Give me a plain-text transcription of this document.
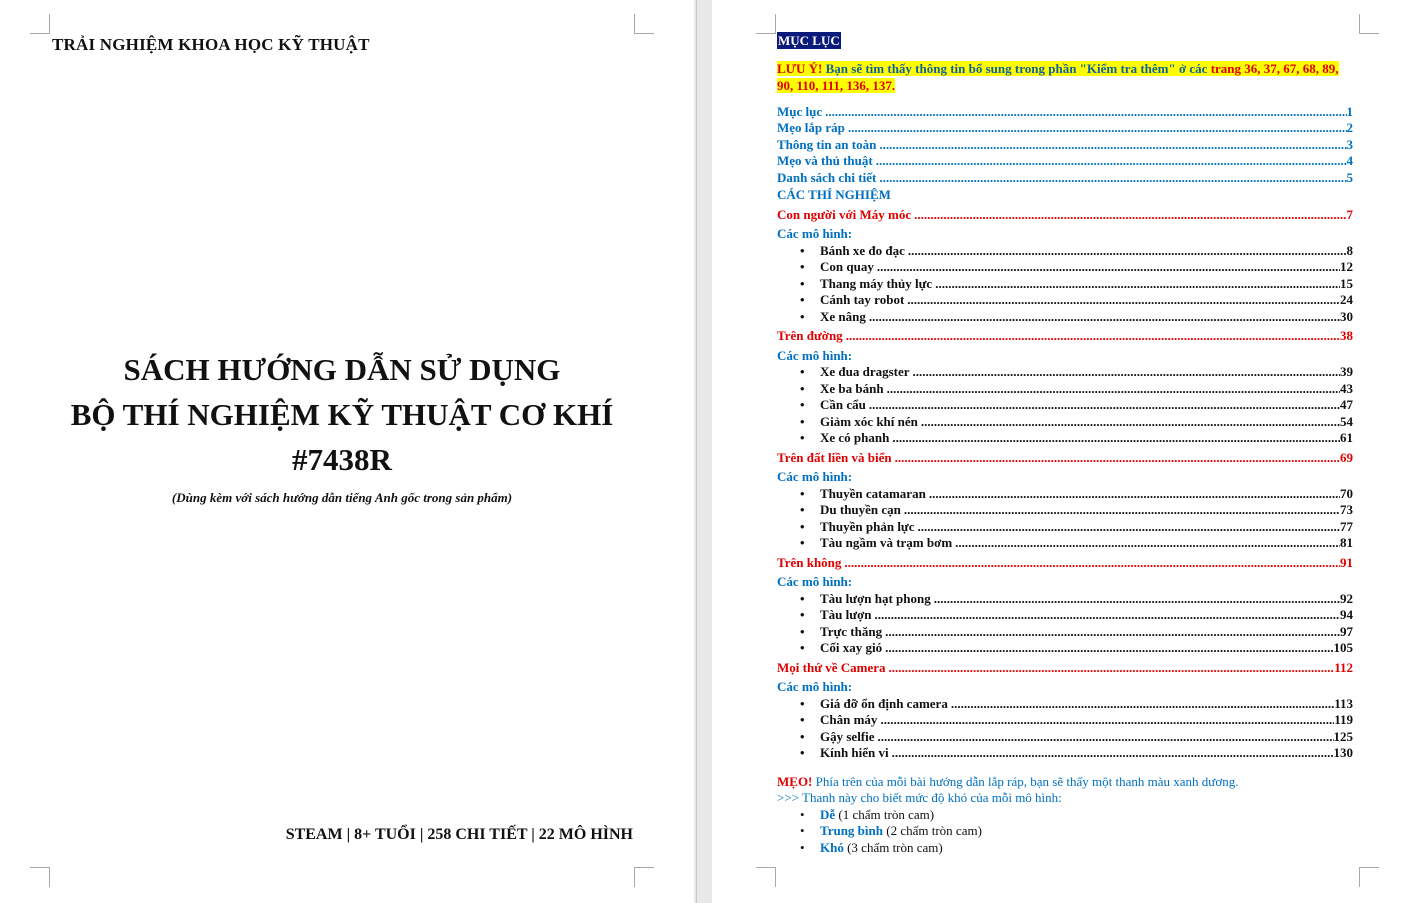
TRẢI NGHIỆM KHOA HỌC KỸ THUẬT
SÁCH HƯỚNG DẪN SỬ DỤNG
BỘ THÍ NGHIỆM KỸ THUẬT CƠ KHÍ
#7438R
(Dùng kèm với sách hướng dẫn tiếng Anh gốc trong sản phẩm)
STEAM | 8+ TUỔI | 258 CHI TIẾT | 22 MÔ HÌNH
MỤC LỤC
LƯU Ý! Bạn sẽ tìm thấy thông tin bổ sung trong phần "Kiểm tra thêm" ở các trang 36, 37, 67, 68, 89, 90, 110, 111, 136, 137.
Mục lục .....	1
Mẹo lắp ráp .....	2
Thông tin an toàn .....	3
Mẹo và thủ thuật .....	4
Danh sách chi tiết .....	5
CÁC THÍ NGHIỆM
Con người với Máy móc .....	7
Các mô hình:
• Bánh xe đo đạc .....	8
• Con quay .....	12
• Thang máy thủy lực .....	15
• Cánh tay robot .....	24
• Xe nâng .....	30
Trên đường .....	38
Các mô hình:
• Xe đua dragster .....	39
• Xe ba bánh .....	43
• Cần cẩu .....	47
• Giảm xóc khí nén .....	54
• Xe có phanh .....	61
Trên đất liền và biển .....	69
Các mô hình:
• Thuyền catamaran .....	70
• Du thuyền cạn .....	73
• Thuyền phản lực .....	77
• Tàu ngầm và trạm bơm .....	81
Trên không .....	91
Các mô hình:
• Tàu lượn hạt phong .....	92
• Tàu lượn .....	94
• Trực thăng .....	97
• Cối xay gió .....	105
Mọi thứ về Camera .....	112
Các mô hình:
• Giá đỡ ổn định camera .....	113
• Chân máy .....	119
• Gậy selfie .....	125
• Kính hiển vi .....	130
MẸO! Phía trên của mỗi bài hướng dẫn lắp ráp, bạn sẽ thấy một thanh màu xanh dương.
>>> Thanh này cho biết mức độ khó của mỗi mô hình:
• Dễ (1 chấm tròn cam)
• Trung bình (2 chấm tròn cam)
• Khó (3 chấm tròn cam)
